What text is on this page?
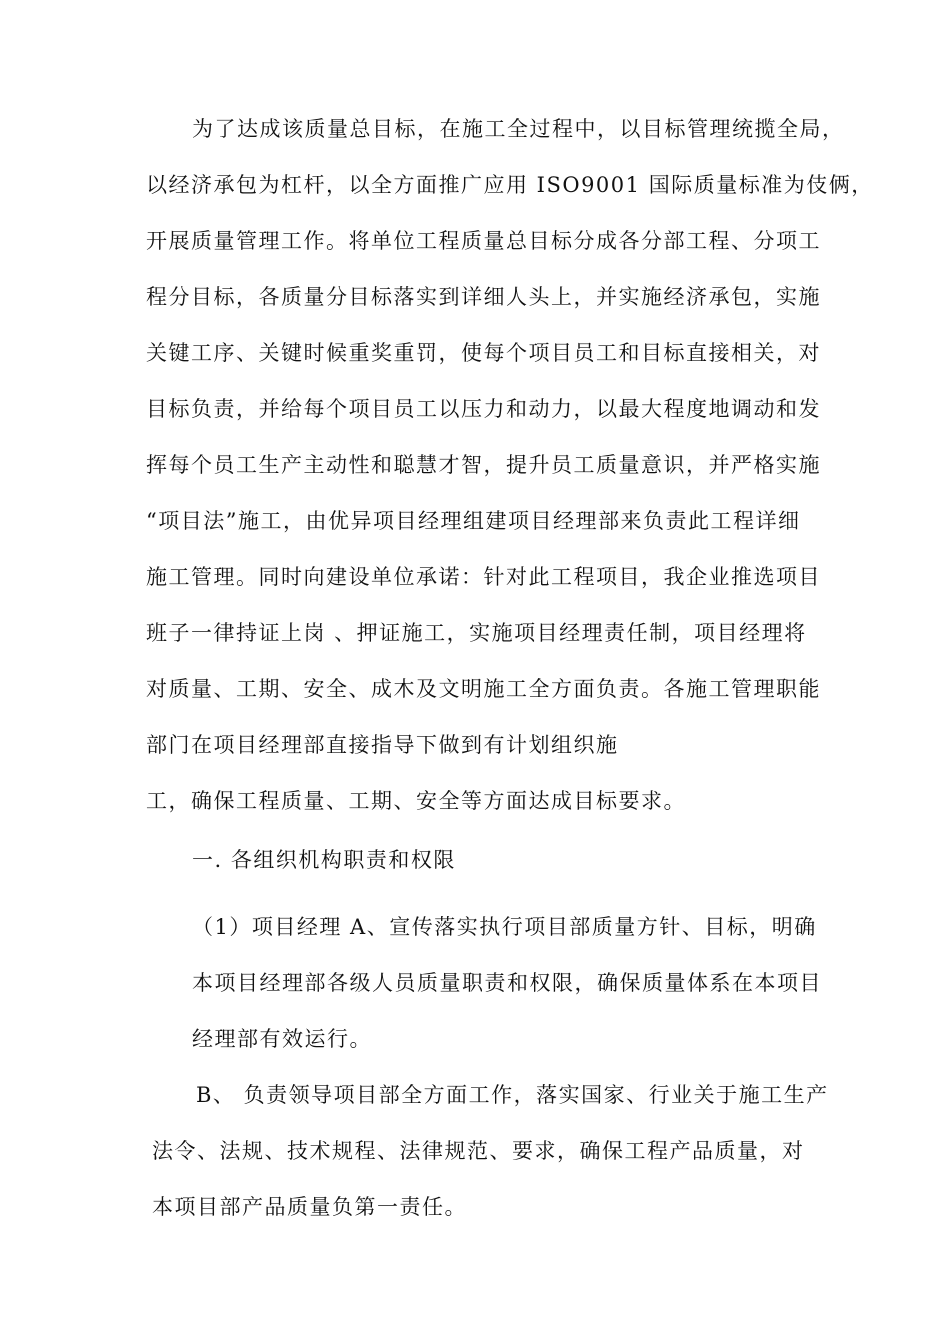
为了达成该质量总目标，在施工全过程中，以目标管理统揽全局，
以经济承包为杠杆，以全方面推广应用 ISO9001 国际质量标准为伎俩，
开展质量管理工作。将单位工程质量总目标分成各分部工程、分项工
程分目标，各质量分目标落实到详细人头上，并实施经济承包，实施
关键工序、关键时候重奖重罚，使每个项目员工和目标直接相关，对
目标负责，并给每个项目员工以压力和动力，以最大程度地调动和发
挥每个员工生产主动性和聪慧才智，提升员工质量意识，并严格实施
“项目法”施工，由优异项目经理组建项目经理部来负责此工程详细
施工管理。同时向建设单位承诺：针对此工程项目，我企业推选项目
班子一律持证上岗 、押证施工，实施项目经理责任制，项目经理将
对质量、工期、安全、成木及文明施工全方面负责。各施工管理职能
部门在项目经理部直接指导下做到有计划组织施
工，确保工程质量、工期、安全等方面达成目标要求。
一. 各组织机构职责和权限
（1）项目经理 A、宣传落实执行项目部质量方针、目标，明确
本项目经理部各级人员质量职责和权限，确保质量体系在本项目
经理部有效运行。
B、 负责领导项目部全方面工作，落实国家、行业关于施工生产
法令、法规、技术规程、法律规范、要求，确保工程产品质量，对
本项目部产品质量负第一责任。
